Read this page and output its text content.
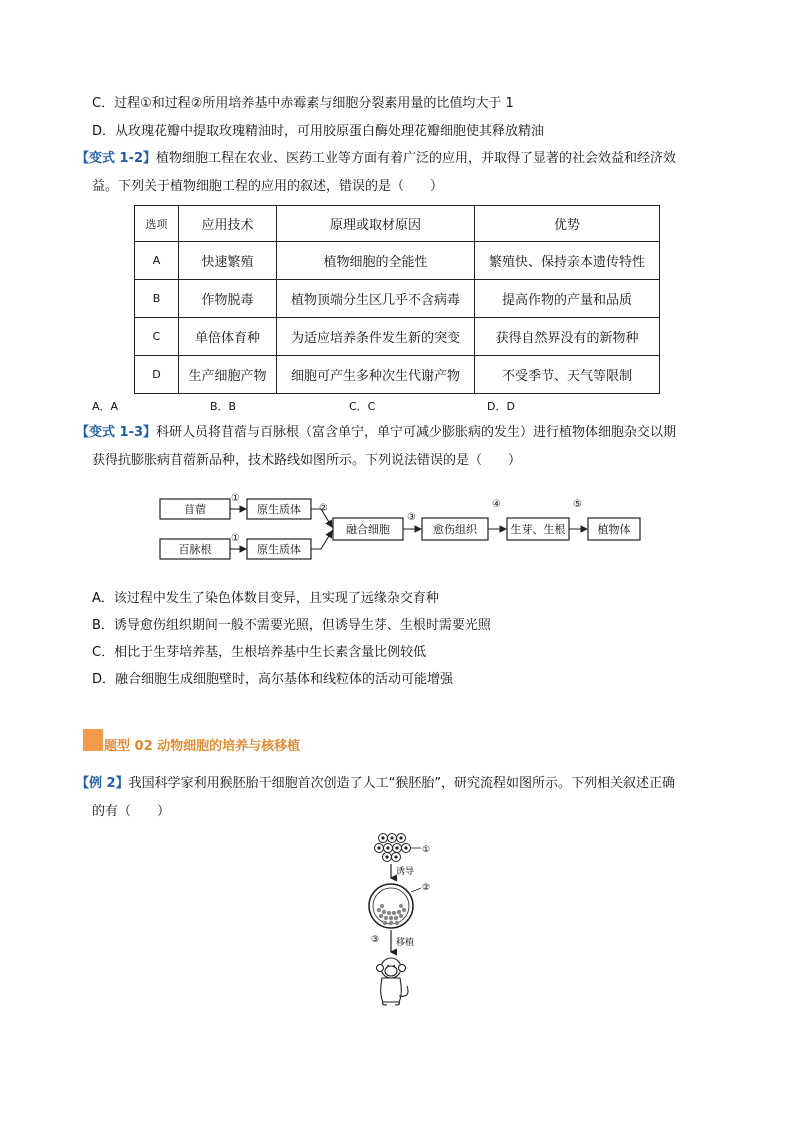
C．过程①和过程②所用培养基中赤霉素与细胞分裂素用量的比值均大于 1
D．从玫瑰花瓣中提取玫瑰精油时，可用胶原蛋白酶处理花瓣细胞使其释放精油
【变式 1-2】植物细胞工程在农业、医药工业等方面有着广泛的应用，并取得了显著的社会效益和经济效
益。下列关于植物细胞工程的应用的叙述，错误的是（　　）
选项	应用技术	原理或取材原因	优势
A	快速繁殖	植物细胞的全能性	繁殖快、保持亲本遗传特性
B	作物脱毒	植物顶端分生区几乎不含病毒	提高作物的产量和品质
C	单倍体育种	为适应培养条件发生新的突变	获得自然界没有的新物种
D	生产细胞产物	细胞可产生多种次生代谢产物	不受季节、天气等限制
A．A	B．B	C．C	D．D
【变式 1-3】科研人员将苜蓿与百脉根（富含单宁，单宁可减少膨胀病的发生）进行植物体细胞杂交以期
获得抗膨胀病苜蓿新品种，技术路线如图所示。下列说法错误的是（　　）
苜蓿
百脉根
原生质体
原生质体
融合细胞	愈伤组织	生芽、生根	植物体
①
①
②
③
④	⑤
A．该过程中发生了染色体数目变异，且实现了远缘杂交育种
B．诱导愈伤组织期间一般不需要光照，但诱导生芽、生根时需要光照
C．相比于生芽培养基，生根培养基中生长素含量比例较低
D．融合细胞生成细胞壁时，高尔基体和线粒体的活动可能增强
题型 02 动物细胞的培养与核移植
【例 2】我国科学家利用猴胚胎干细胞首次创造了人工“猴胚胎”，研究流程如图所示。下列相关叙述正确
的有（　　）
①
诱导
②
③ 移植
